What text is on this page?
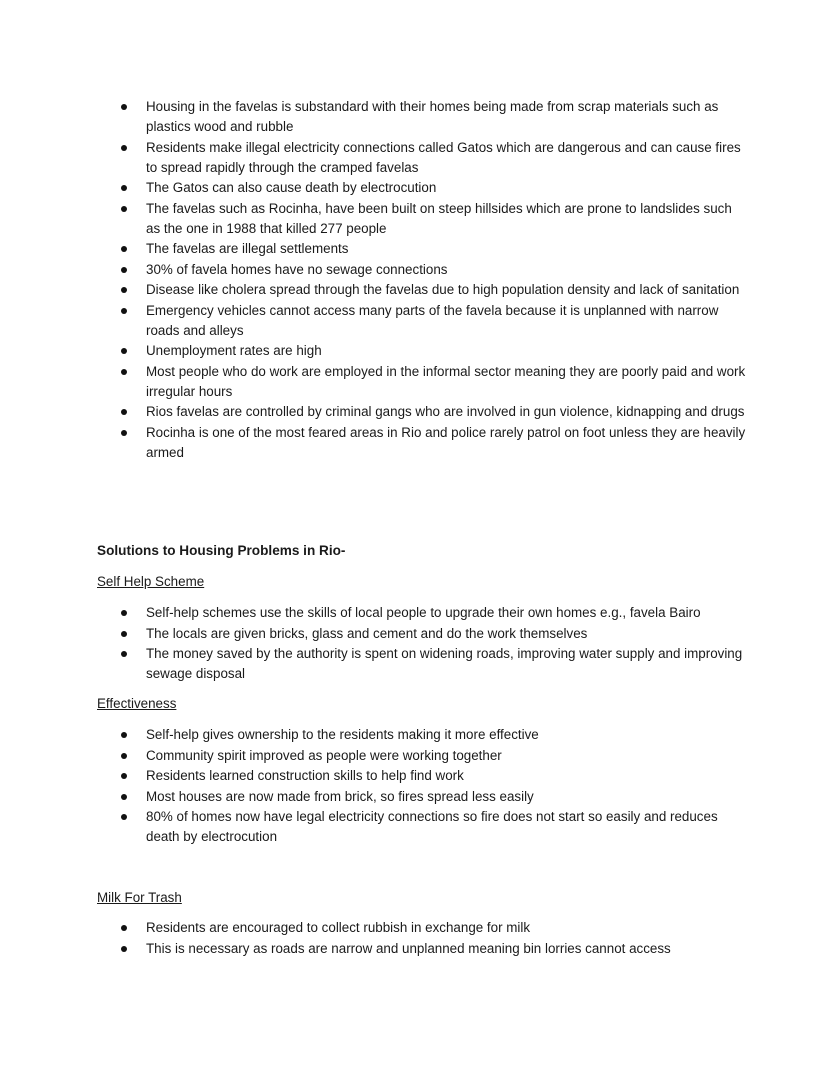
Housing in the favelas is substandard with their homes being made from scrap materials such as plastics wood and rubble
Residents make illegal electricity connections called Gatos which are dangerous and can cause fires to spread rapidly through the cramped favelas
The Gatos can also cause death by electrocution
The favelas such as Rocinha, have been built on steep hillsides which are prone to landslides such as the one in 1988 that killed 277 people
The favelas are illegal settlements
30% of favela homes have no sewage connections
Disease like cholera spread through the favelas due to high population density and lack of sanitation
Emergency vehicles cannot access many parts of the favela because it is unplanned with narrow roads and alleys
Unemployment rates are high
Most people who do work are employed in the informal sector meaning they are poorly paid and work irregular hours
Rios favelas are controlled by criminal gangs who are involved in gun violence, kidnapping and drugs
Rocinha is one of the most feared areas in Rio and police rarely patrol on foot unless they are heavily armed
Solutions to Housing Problems in Rio-
Self Help Scheme
Self-help schemes use the skills of local people to upgrade their own homes e.g., favela Bairo
The locals are given bricks, glass and cement and do the work themselves
The money saved by the authority is spent on widening roads, improving water supply and improving sewage disposal
Effectiveness
Self-help gives ownership to the residents making it more effective
Community spirit improved as people were working together
Residents learned construction skills to help find work
Most houses are now made from brick, so fires spread less easily
80% of homes now have legal electricity connections so fire does not start so easily and reduces death by electrocution
Milk For Trash
Residents are encouraged to collect rubbish in exchange for milk
This is necessary as roads are narrow and unplanned meaning bin lorries cannot access
